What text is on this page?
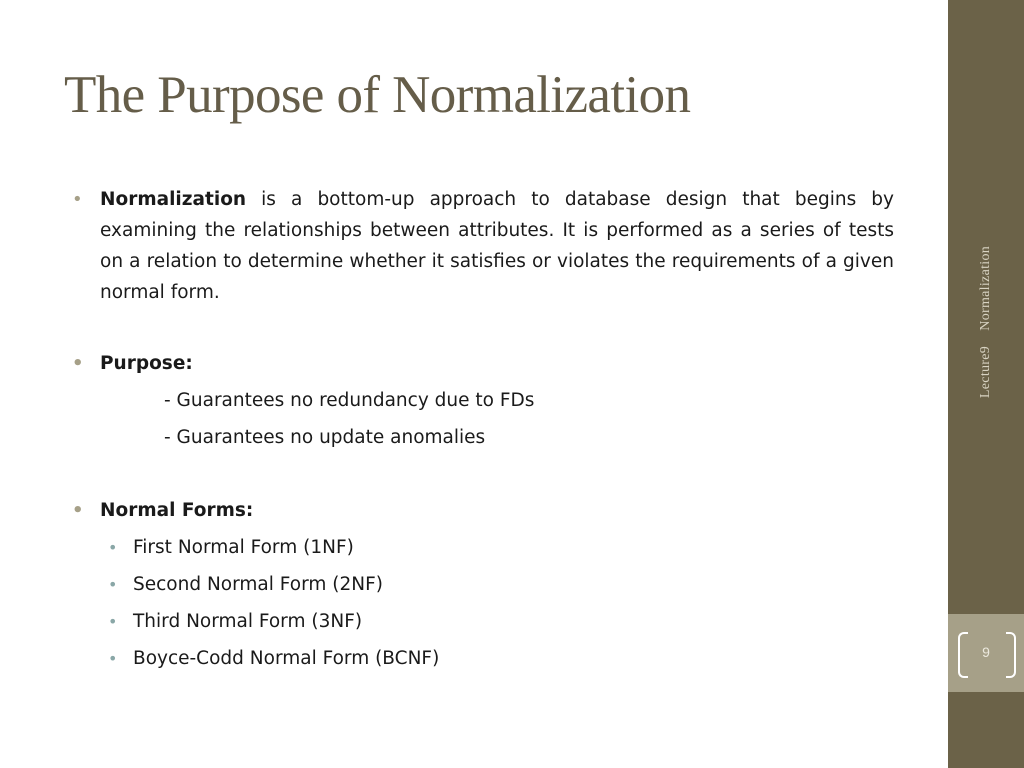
The Purpose of Normalization
• Normalization is a bottom-up approach to database design that begins by examining the relationships between attributes. It is performed as a series of tests on a relation to determine whether it satisfies or violates the requirements of a given normal form.
• Purpose:
- Guarantees no redundancy due to FDs
- Guarantees no update anomalies
• Normal Forms:
• First Normal Form (1NF)
• Second Normal Form (2NF)
• Third Normal Form (3NF)
• Boyce-Codd Normal Form (BCNF)
Lecture9    Normalization
9
